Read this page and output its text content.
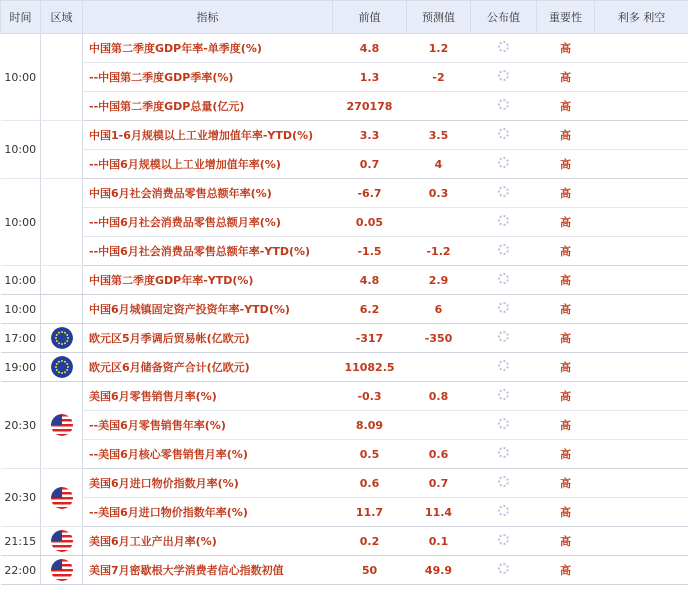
时间	区域	指标	前值	预测值	公布值	重要性	利多 利空
10:00		中国第二季度GDP年率-单季度(%)	4.8	1.2		高	
		--中国第二季度GDP季率(%)	1.3	-2		高	
		--中国第二季度GDP总量(亿元)	270178			高	
10:00		中国1-6月规模以上工业增加值年率-YTD(%)	3.3	3.5		高	
		--中国6月规模以上工业增加值年率(%)	0.7	4		高	
10:00		中国6月社会消费品零售总额年率(%)	-6.7	0.3		高	
		--中国6月社会消费品零售总额月率(%)	0.05			高	
		--中国6月社会消费品零售总额年率-YTD(%)	-1.5	-1.2		高	
10:00		中国第二季度GDP年率-YTD(%)	4.8	2.9		高	
10:00		中国6月城镇固定资产投资年率-YTD(%)	6.2	6		高	
17:00		欧元区5月季调后贸易帐(亿欧元)	-317	-350		高	
19:00		欧元区6月储备资产合计(亿欧元)	11082.5			高	
20:30		美国6月零售销售月率(%)	-0.3	0.8		高	
		--美国6月零售销售年率(%)	8.09			高	
		--美国6月核心零售销售月率(%)	0.5	0.6		高	
20:30		美国6月进口物价指数月率(%)	0.6	0.7		高	
		--美国6月进口物价指数年率(%)	11.7	11.4		高	
21:15		美国6月工业产出月率(%)	0.2	0.1		高	
22:00		美国7月密歇根大学消费者信心指数初值	50	49.9		高	
